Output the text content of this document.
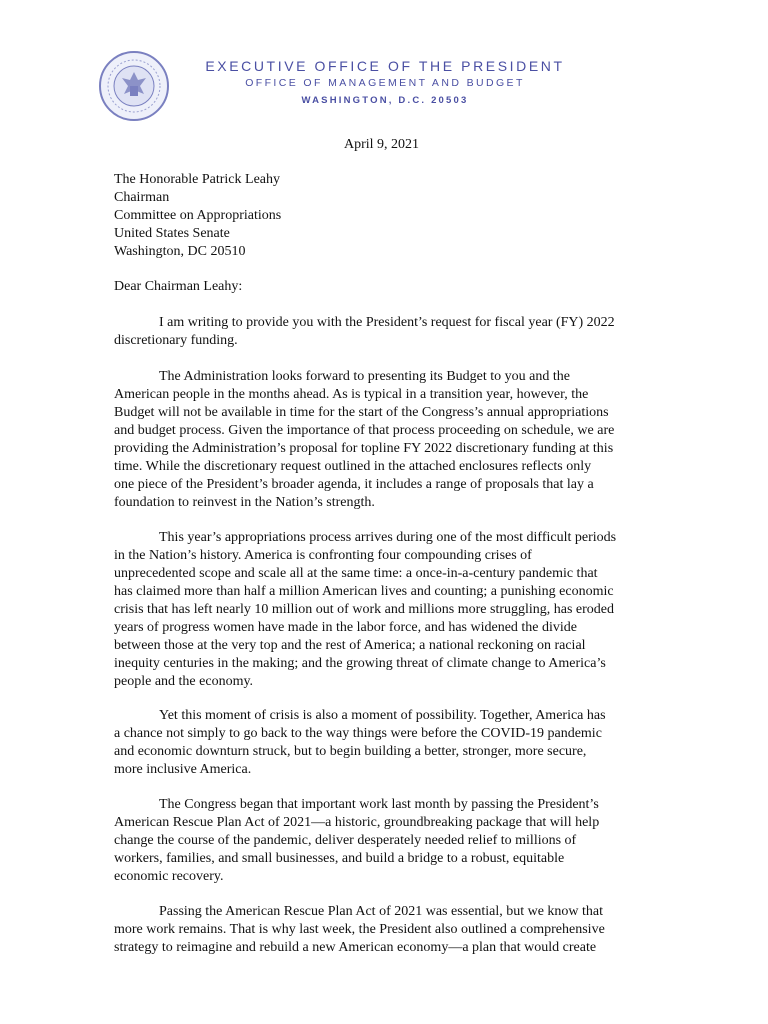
EXECUTIVE OFFICE OF THE PRESIDENT
OFFICE OF MANAGEMENT AND BUDGET
WASHINGTON, D.C. 20503
April 9, 2021
The Honorable Patrick Leahy
Chairman
Committee on Appropriations
United States Senate
Washington, DC 20510
Dear Chairman Leahy:
I am writing to provide you with the President’s request for fiscal year (FY) 2022
discretionary funding.
The Administration looks forward to presenting its Budget to you and the
American people in the months ahead. As is typical in a transition year, however, the
Budget will not be available in time for the start of the Congress’s annual appropriations
and budget process. Given the importance of that process proceeding on schedule, we are
providing the Administration’s proposal for topline FY 2022 discretionary funding at this
time. While the discretionary request outlined in the attached enclosures reflects only
one piece of the President’s broader agenda, it includes a range of proposals that lay a
foundation to reinvest in the Nation’s strength.
This year’s appropriations process arrives during one of the most difficult periods
in the Nation’s history. America is confronting four compounding crises of
unprecedented scope and scale all at the same time: a once-in-a-century pandemic that
has claimed more than half a million American lives and counting; a punishing economic
crisis that has left nearly 10 million out of work and millions more struggling, has eroded
years of progress women have made in the labor force, and has widened the divide
between those at the very top and the rest of America; a national reckoning on racial
inequity centuries in the making; and the growing threat of climate change to America’s
people and the economy.
Yet this moment of crisis is also a moment of possibility. Together, America has
a chance not simply to go back to the way things were before the COVID-19 pandemic
and economic downturn struck, but to begin building a better, stronger, more secure,
more inclusive America.
The Congress began that important work last month by passing the President’s
American Rescue Plan Act of 2021—a historic, groundbreaking package that will help
change the course of the pandemic, deliver desperately needed relief to millions of
workers, families, and small businesses, and build a bridge to a robust, equitable
economic recovery.
Passing the American Rescue Plan Act of 2021 was essential, but we know that
more work remains. That is why last week, the President also outlined a comprehensive
strategy to reimagine and rebuild a new American economy—a plan that would create
